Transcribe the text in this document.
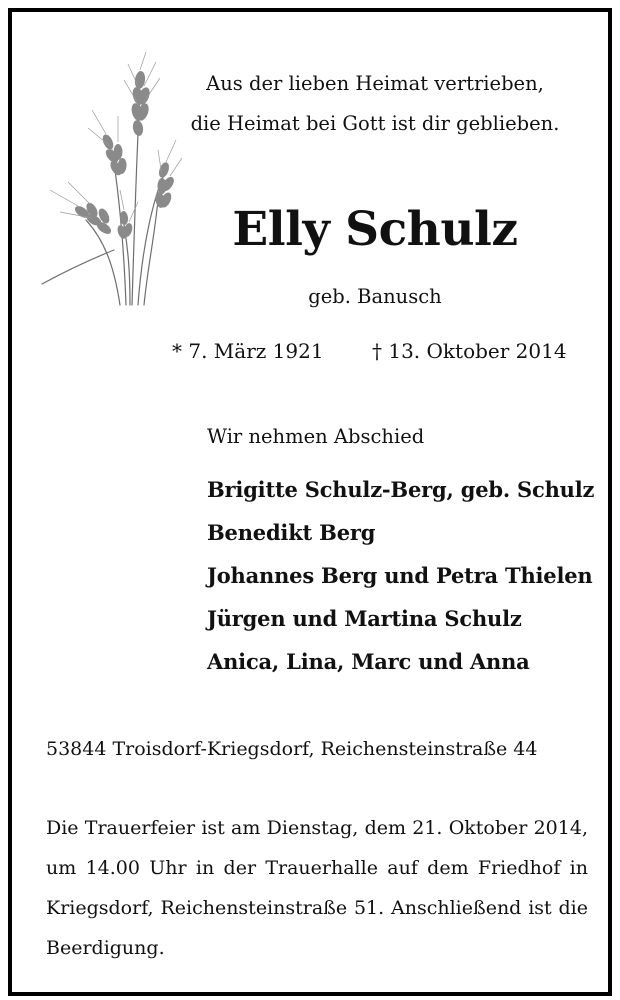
Aus der lieben Heimat vertrieben,
die Heimat bei Gott ist dir geblieben.
Elly Schulz
geb. Banusch
* 7. März 1921 † 13. Oktober 2014
Wir nehmen Abschied
Brigitte Schulz-Berg, geb. Schulz
Benedikt Berg
Johannes Berg und Petra Thielen
Jürgen und Martina Schulz
Anica, Lina, Marc und Anna
53844 Troisdorf-Kriegsdorf, Reichensteinstraße 44

Die Trauerfeier ist am Dienstag, dem 21. Oktober 2014, um 14.00 Uhr in der Trauerhalle auf dem Friedhof in Kriegsdorf, Reichensteinstraße 51. Anschließend ist die Beerdigung.
